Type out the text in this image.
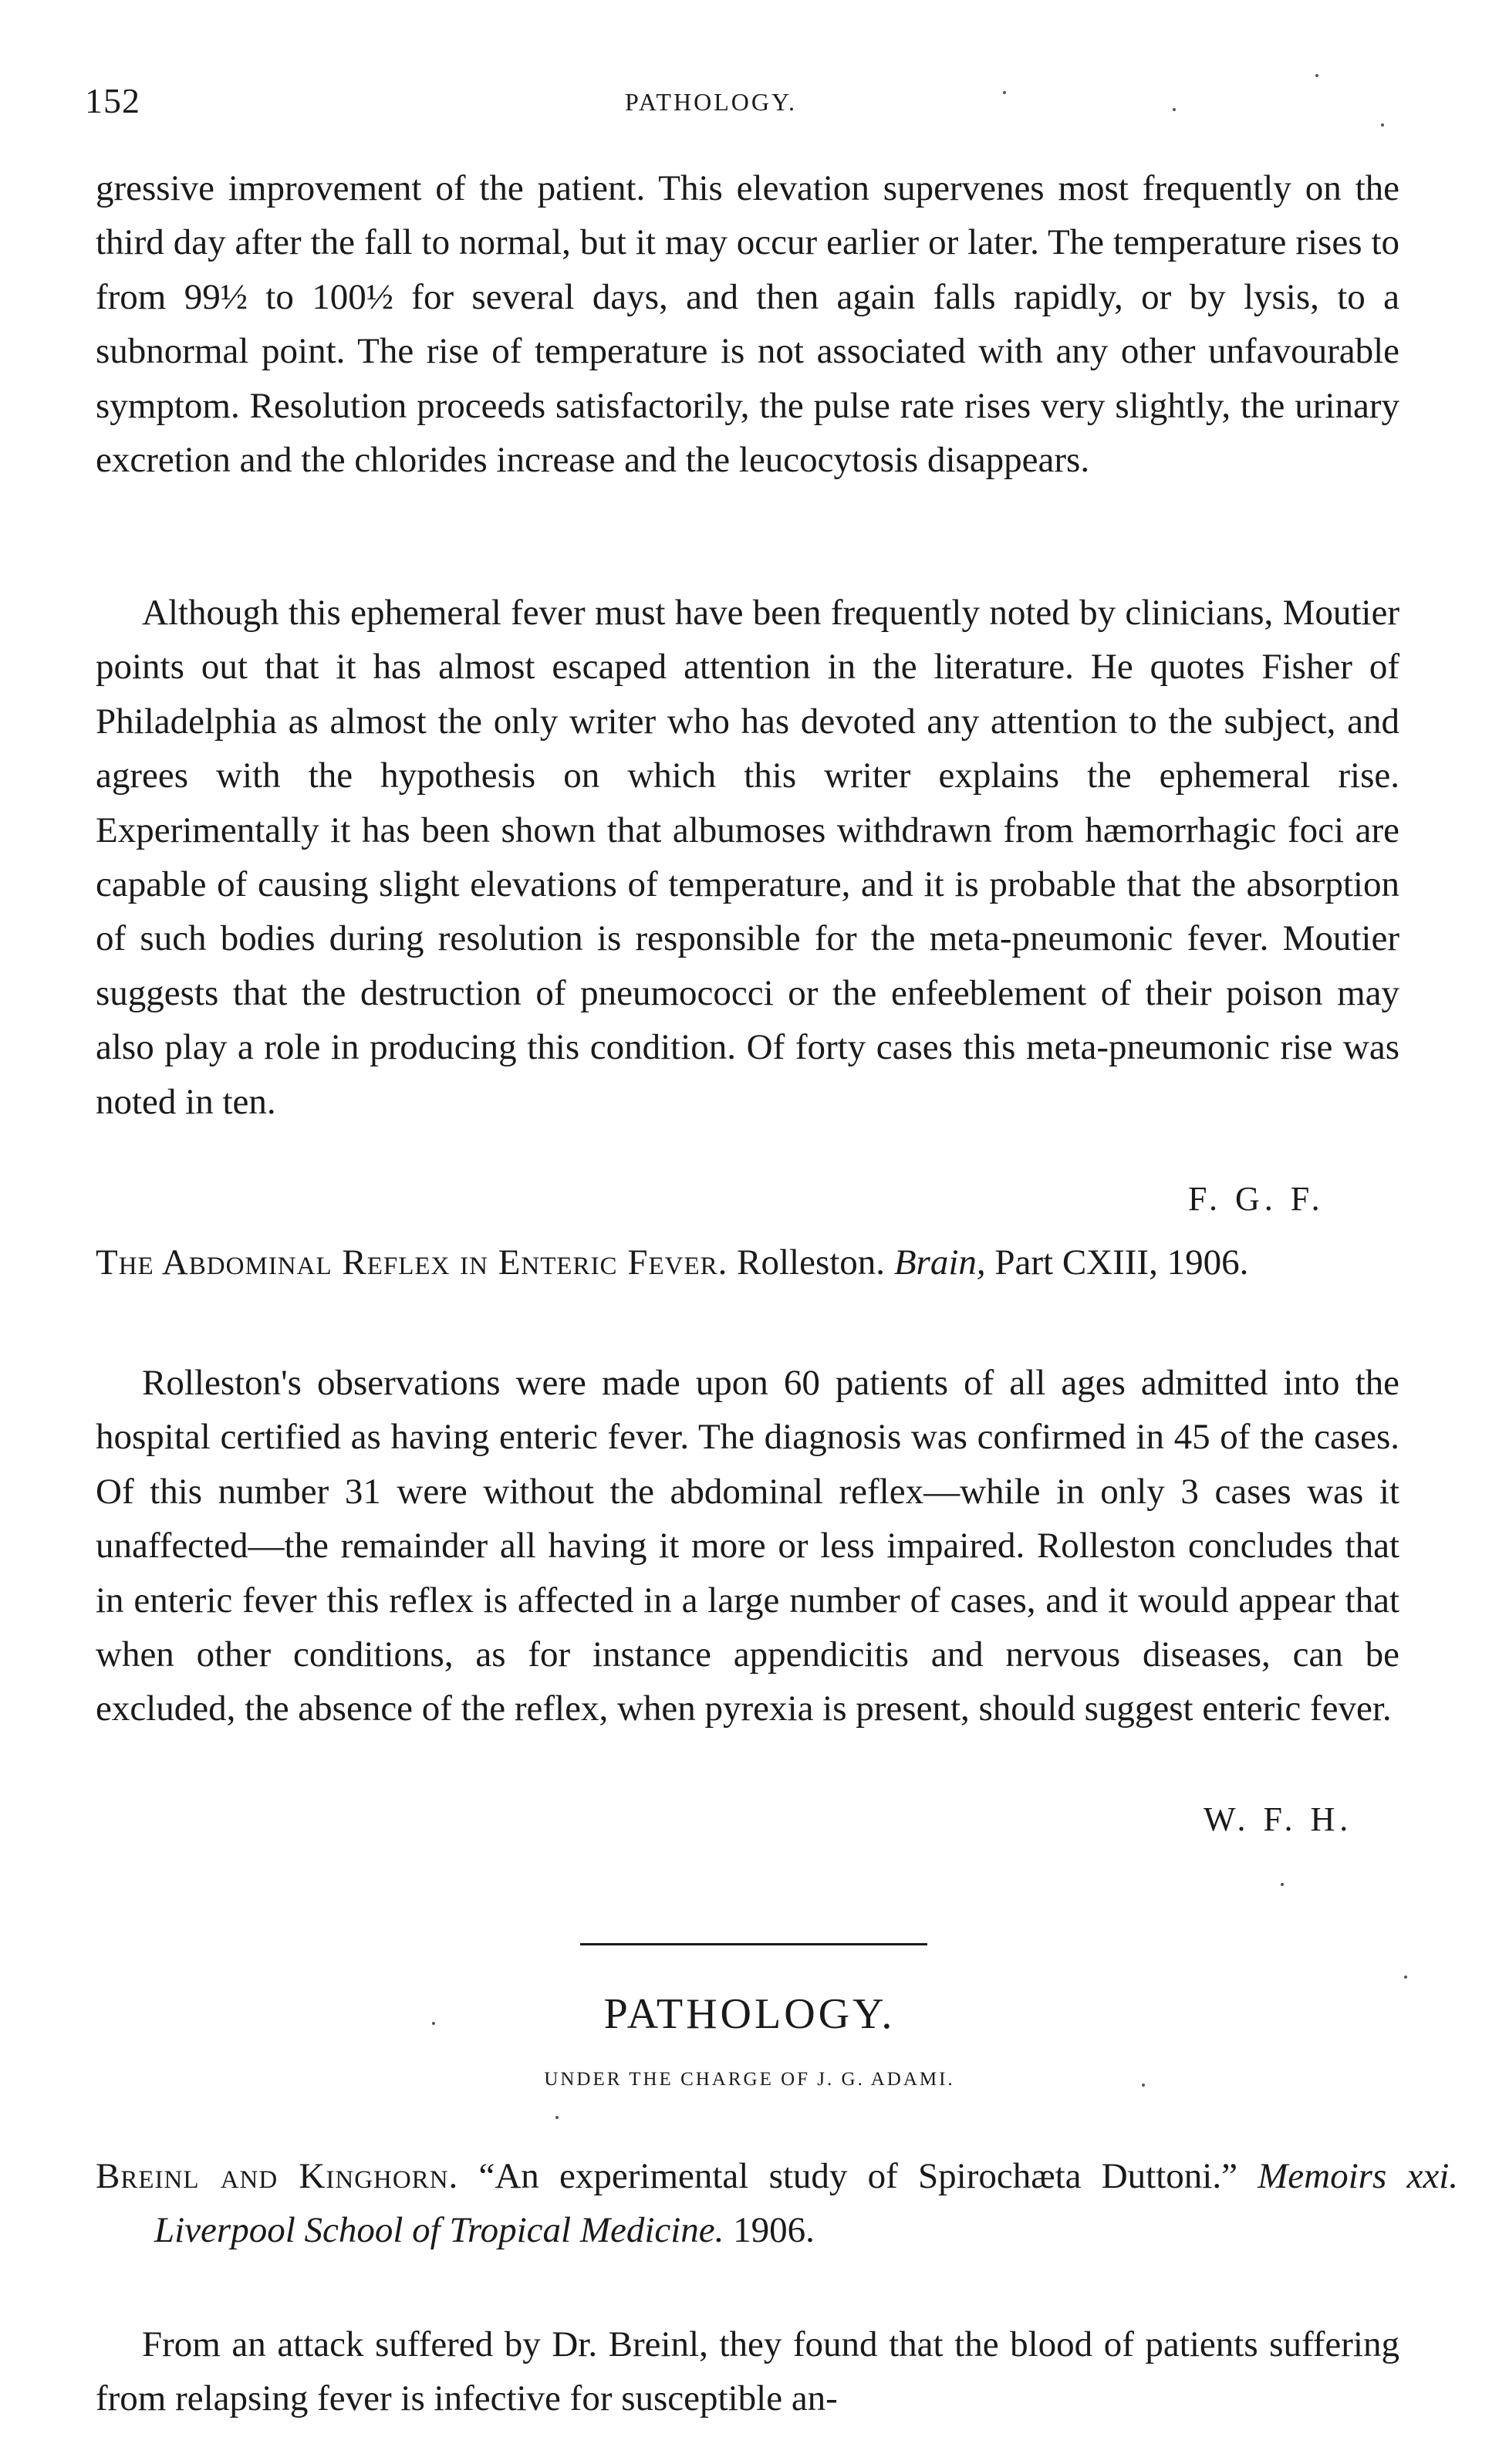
152	PATHOLOGY.

gressive improvement of the patient. This elevation supervenes most frequently on the third day after the fall to normal, but it may occur earlier or later. The temperature rises to from 99½ to 100½ for several days, and then again falls rapidly, or by lysis, to a subnormal point. The rise of temperature is not associated with any other unfavourable symptom. Resolution proceeds satisfactorily, the pulse rate rises very slightly, the urinary excretion and the chlorides increase and the leucocytosis disappears.

Although this ephemeral fever must have been frequently noted by clinicians, Moutier points out that it has almost escaped attention in the literature. He quotes Fisher of Philadelphia as almost the only writer who has devoted any attention to the subject, and agrees with the hypothesis on which this writer explains the ephemeral rise. Experimentally it has been shown that albumoses withdrawn from hæmorrhagic foci are capable of causing slight elevations of temperature, and it is probable that the absorption of such bodies during resolution is responsible for the meta-pneumonic fever. Moutier suggests that the destruction of pneumococci or the enfeeblement of their poison may also play a role in producing this condition. Of forty cases this meta-pneumonic rise was noted in ten.

F. G. F.

The Abdominal Reflex in Enteric Fever. Rolleston. Brain, Part CXIII, 1906.

Rolleston's observations were made upon 60 patients of all ages admitted into the hospital certified as having enteric fever. The diagnosis was confirmed in 45 of the cases. Of this number 31 were without the abdominal reflex—while in only 3 cases was it unaffected—the remainder all having it more or less impaired. Rolleston concludes that in enteric fever this reflex is affected in a large number of cases, and it would appear that when other conditions, as for instance appendicitis and nervous diseases, can be excluded, the absence of the reflex, when pyrexia is present, should suggest enteric fever.

W. F. H.
PATHOLOGY.
UNDER THE CHARGE OF J. G. ADAMI.

Breinl and Kinghorn. “An experimental study of Spirochæta Duttoni.” Memoirs xxi. Liverpool School of Tropical Medicine. 1906.

From an attack suffered by Dr. Breinl, they found that the blood of patients suffering from relapsing fever is infective for susceptible an-
